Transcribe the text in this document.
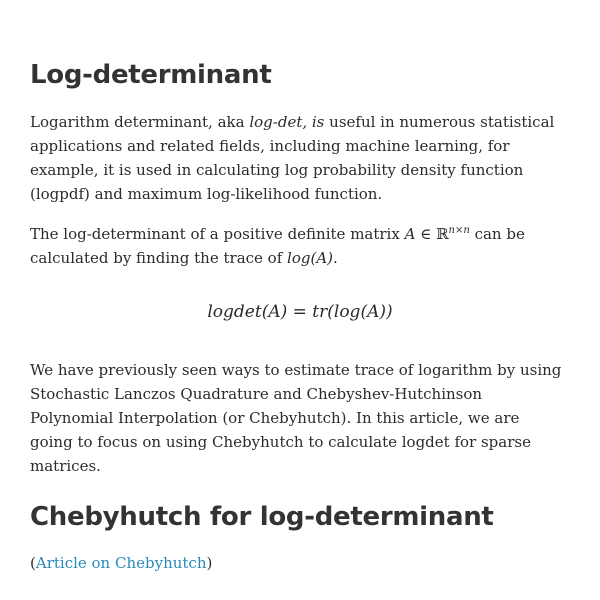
Log-determinant

Logarithm determinant, aka log-det, is useful in numerous statistical applications and related fields, including machine learning, for example, it is used in calculating log probability density function (logpdf) and maximum log-likelihood function.

The log-determinant of a positive definite matrix A ∈ ℝ$^{n\times n}$ can be calculated by finding the trace of log(A).

logdet(A) = tr(log(A))

We have previously seen ways to estimate trace of logarithm by using Stochastic Lanczos Quadrature and Chebyshev-Hutchinson Polynomial Interpolation (or Chebyhutch). In this article, we are going to focus on using Chebyhutch to calculate logdet for sparse matrices.

Chebyhutch for log-determinant

(Article on Chebyhutch)
